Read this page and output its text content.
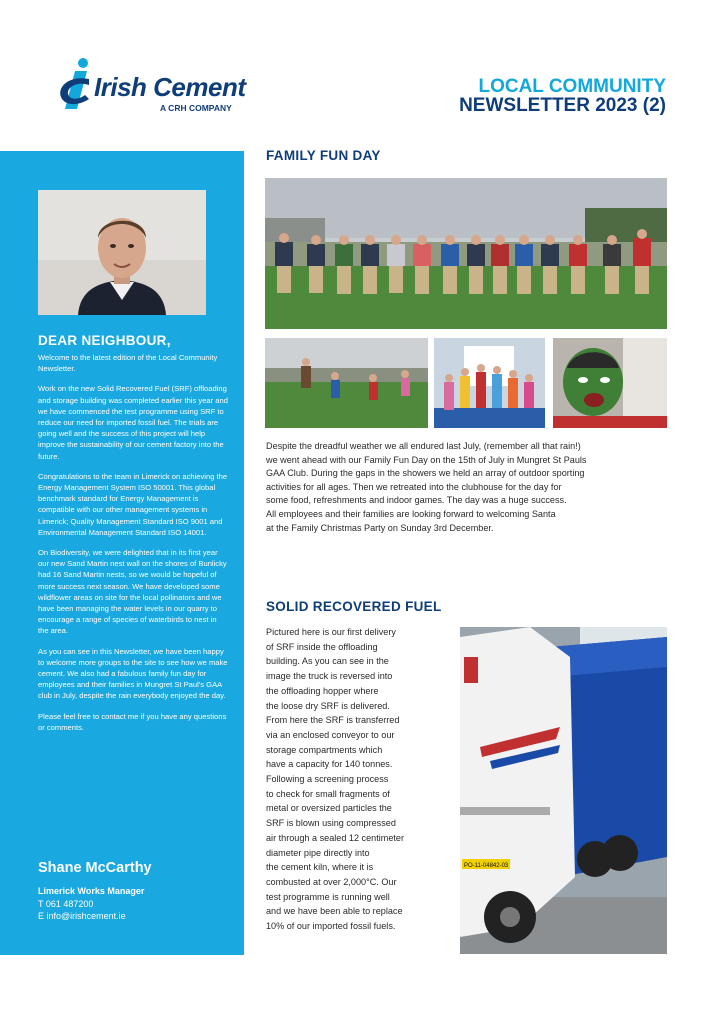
Irish Cement
A CRH COMPANY
LOCAL COMMUNITY
NEWSLETTER 2023 (2)
DEAR NEIGHBOUR,

Welcome to the latest edition of the Local Community Newsletter.

Work on the new Solid Recovered Fuel (SRF) offloading and storage building was completed earlier this year and we have commenced the test programme using SRF to reduce our need for imported fossil fuel. The trials are going well and the success of this project will help improve the sustainability of our cement factory into the future.

Congratulations to the team in Limerick on achieving the Energy Management System ISO 50001. This global benchmark standard for Energy Management is compatible with our other management systems in Limerick; Quality Management Standard ISO 9001 and Environmental Management Standard ISO 14001.

On Biodiversity, we were delighted that in its first year our new Sand Martin nest wall on the shores of Bunlicky had 16 Sand Martin nests, so we would be hopeful of more success next season. We have developed some wildflower areas on site for the local pollinators and we have been managing the water levels in our quarry to encourage a range of species of waterbirds to nest in the area.

As you can see in this Newsletter, we have been happy to welcome more groups to the site to see how we make cement. We also had a fabulous family fun day for employees and their families in Mungret St Paul's GAA club in July, despite the rain everybody enjoyed the day.

Please feel free to contact me if you have any questions or comments.

Shane McCarthy
Limerick Works Manager
T 061 487200
E info@irishcement.ie
FAMILY FUN DAY
Despite the dreadful weather we all endured last July, (remember all that rain!)
we went ahead with our Family Fun Day on the 15th of July in Mungret St Pauls
GAA Club. During the gaps in the showers we held an array of outdoor sporting
activities for all ages. Then we retreated into the clubhouse for the day for
some food, refreshments and indoor games. The day was a huge success.
All employees and their families are looking forward to welcoming Santa
at the Family Christmas Party on Sunday 3rd December.
SOLID RECOVERED FUEL
Pictured here is our first delivery
of SRF inside the offloading
building. As you can see in the
image the truck is reversed into
the offloading hopper where
the loose dry SRF is delivered.
From here the SRF is transferred
via an enclosed conveyor to our
storage compartments which
have a capacity for 140 tonnes.
Following a screening process
to check for small fragments of
metal or oversized particles the
SRF is blown using compressed
air through a sealed 12 centimeter
diameter pipe directly into
the cement kiln, where it is
combusted at over 2,000°C. Our
test programme is running well
and we have been able to replace
10% of our imported fossil fuels.
PO-11-04842-03
